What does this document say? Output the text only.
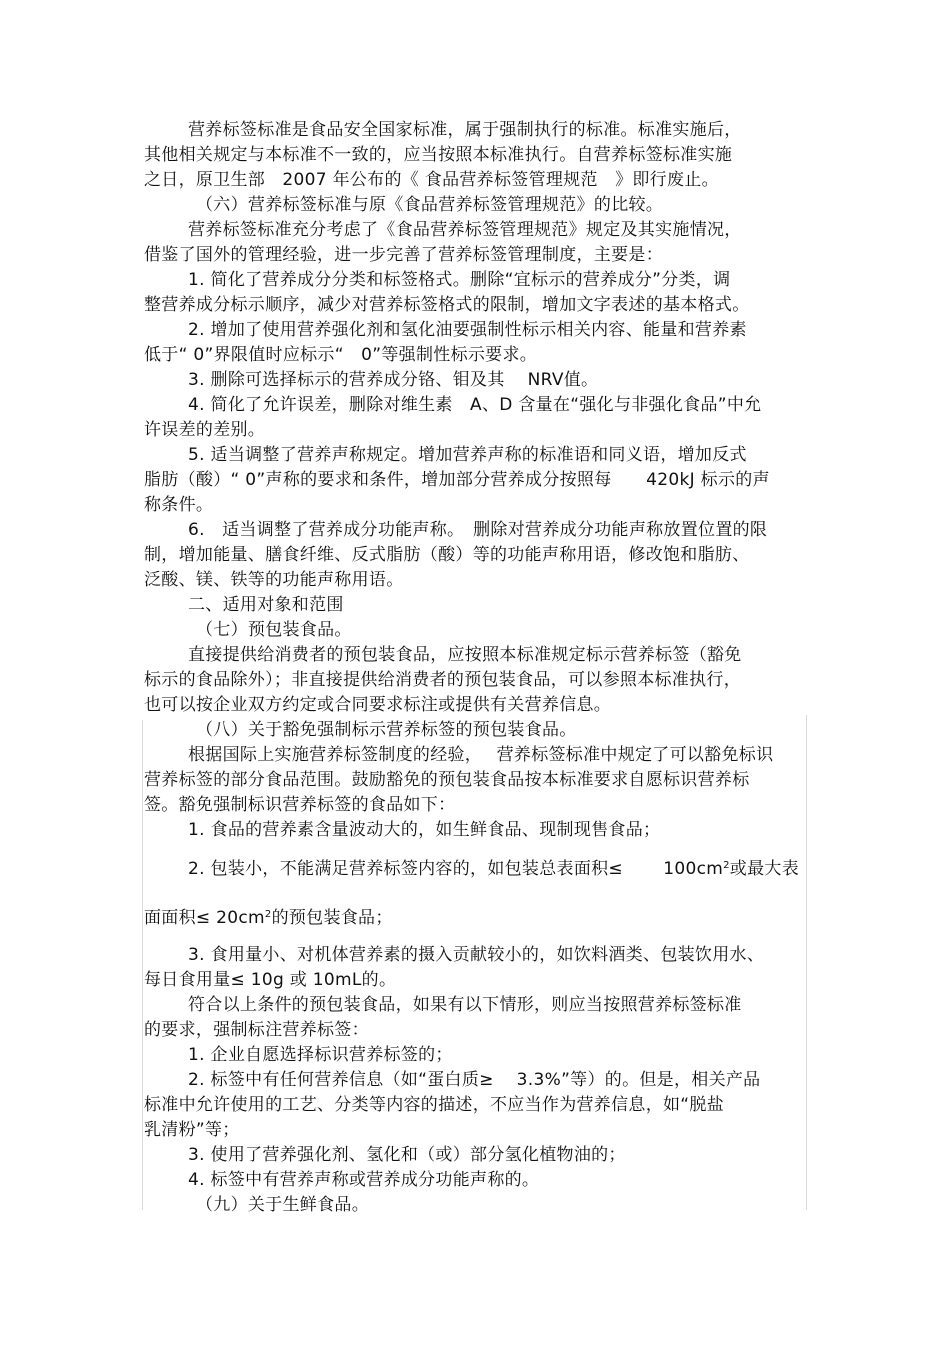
营养标签标准是食品安全国家标准，属于强制执行的标准。标准实施后，

其他相关规定与本标准不一致的，应当按照本标准执行。自营养标签标准实施

之日，原卫生部　2007 年公布的《 食品营养标签管理规范　》即行废止。

（六）营养标签标准与原《食品营养标签管理规范》的比较。

营养标签标准充分考虑了《食品营养标签管理规范》规定及其实施情况，

借鉴了国外的管理经验，进一步完善了营养标签管理制度，主要是：

1. 简化了营养成分分类和标签格式。删除“宜标示的营养成分”分类，调

整营养成分标示顺序，减少对营养标签格式的限制，增加文字表述的基本格式。

2. 增加了使用营养强化剂和氢化油要强制性标示相关内容、能量和营养素

低于“ 0”界限值时应标示“　0”等强制性标示要求。

3. 删除可选择标示的营养成分铬、钼及其　 NRV值。

4. 简化了允许误差，删除对维生素　A、D 含量在“强化与非强化食品”中允

许误差的差别。

5. 适当调整了营养声称规定。增加营养声称的标准语和同义语，增加反式

脂肪（酸）“ 0”声称的要求和条件，增加部分营养成分按照每　　420kJ 标示的声

称条件。

6.　适当调整了营养成分功能声称。　删除对营养成分功能声称放置位置的限

制，增加能量、膳食纤维、反式脂肪（酸）等的功能声称用语，修改饱和脂肪、

泛酸、镁、铁等的功能声称用语。

二、适用对象和范围

（七）预包装食品。

直接提供给消费者的预包装食品，应按照本标准规定标示营养标签（豁免

标示的食品除外）；非直接提供给消费者的预包装食品，可以参照本标准执行，

也可以按企业双方约定或合同要求标注或提供有关营养信息。

（八）关于豁免强制标示营养标签的预包装食品。

根据国际上实施营养标签制度的经验，　 营养标签标准中规定了可以豁免标识

营养标签的部分食品范围。鼓励豁免的预包装食品按本标准要求自愿标识营养标

签。豁免强制标识营养标签的食品如下：

1. 食品的营养素含量波动大的，如生鲜食品、现制现售食品；

2. 包装小，不能满足营养标签内容的，如包装总表面积≤　　 $100cm^2$或最大表

面面积≤ $20cm^2$的预包装食品；

3. 食用量小、对机体营养素的摄入贡献较小的，如饮料酒类、包装饮用水、

每日食用量≤ 10g 或 10mL的。

符合以上条件的预包装食品，如果有以下情形，则应当按照营养标签标准

的要求，强制标注营养标签：

1. 企业自愿选择标识营养标签的；

2. 标签中有任何营养信息（如“蛋白质≥　 3.3%”等）的。但是，相关产品

标准中允许使用的工艺、分类等内容的描述，不应当作为营养信息，如“脱盐

乳清粉”等；

3. 使用了营养强化剂、氢化和（或）部分氢化植物油的；

4. 标签中有营养声称或营养成分功能声称的。

（九）关于生鲜食品。
